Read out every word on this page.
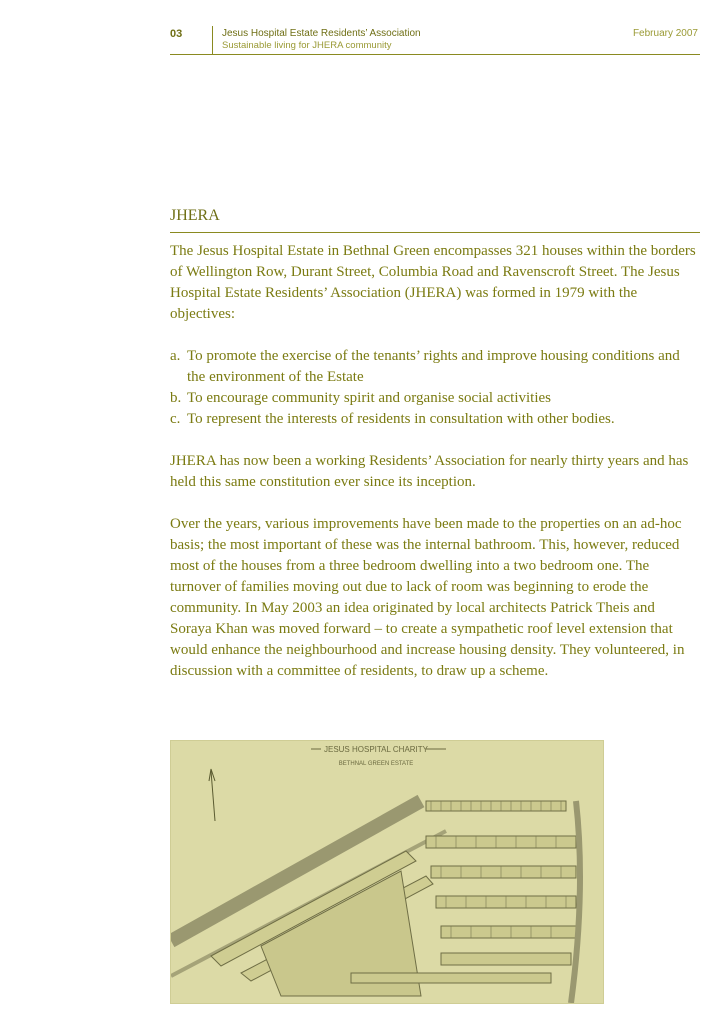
03	Jesus Hospital Estate Residents’ Association
Sustainable living for JHERA community
February 2007
JHERA

The Jesus Hospital Estate in Bethnal Green encompasses 321 houses within the borders of Wellington Row, Durant Street, Columbia Road and Ravenscroft Street. The Jesus Hospital Estate Residents’ Association (JHERA) was formed in 1979 with the objectives:

a. To promote the exercise of the tenants’ rights and improve housing conditions and the environment of the Estate
b. To encourage community spirit and organise social activities
c. To represent the interests of residents in consultation with other bodies.

JHERA has now been a working Residents’ Association for nearly thirty years and has held this same constitution ever since its inception.

Over the years, various improvements have been made to the properties on an ad-hoc basis; the most important of these was the internal bathroom. This, however, reduced most of the houses from a three bedroom dwelling into a two bedroom one. The turnover of families moving out due to lack of room was beginning to erode the community. In May 2003 an idea originated by local architects Patrick Theis and Soraya Khan was moved forward – to create a sympathetic roof level extension that would enhance the neighbourhood and increase housing density. They volunteered, in discussion with a committee of residents, to draw up a scheme.

JESUS HOSPITAL CHARITY
BETHNAL GREEN ESTATE
